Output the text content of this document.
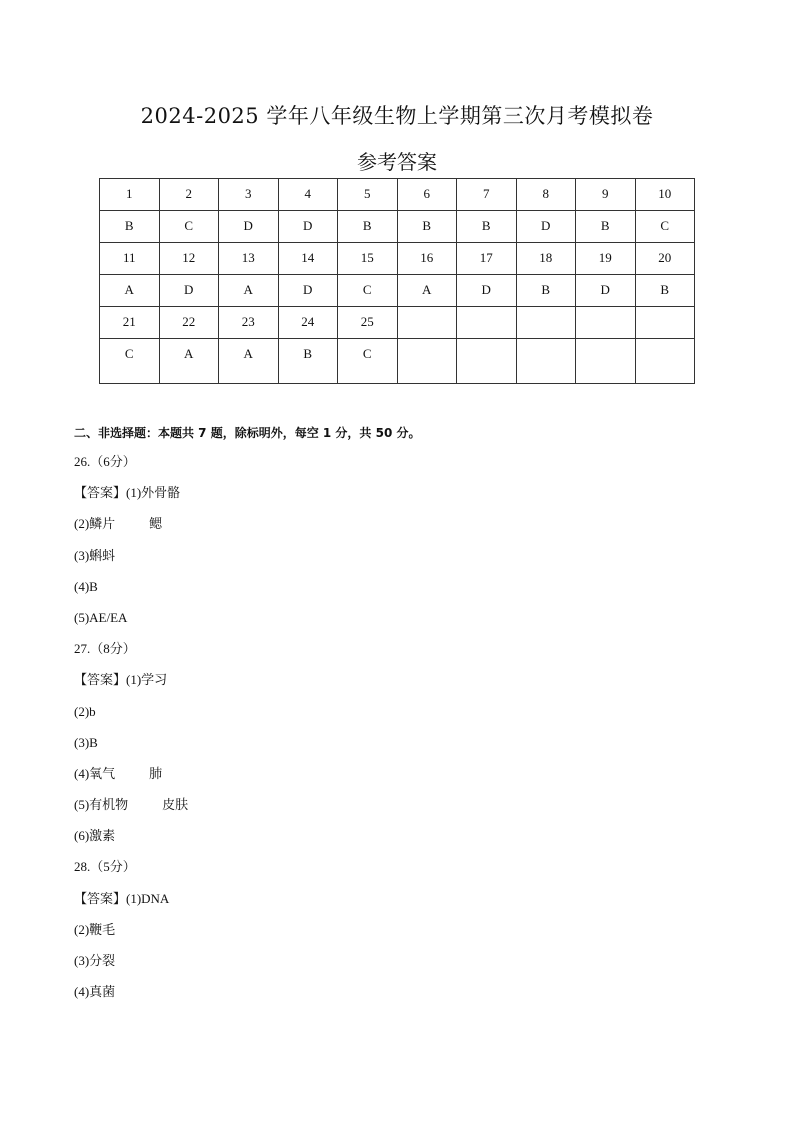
2024-2025 学年八年级生物上学期第三次月考模拟卷
参考答案
1	2	3	4	5	6	7	8	9	10
B	C	D	D	B	B	B	D	B	C
11	12	13	14	15	16	17	18	19	20
A	D	A	D	C	A	D	B	D	B
21	22	23	24	25					
C	A	A	B	C					
二、非选择题：本题共 7 题，除标明外，每空 1 分，共 50 分。
26.（6分）
【答案】(1)外骨骼
(2)鳞片	鳃
(3)蝌蚪
(4)B
(5)AE/EA
27.（8分）
【答案】(1)学习
(2)b
(3)B
(4)氧气	肺
(5)有机物	皮肤
(6)激素
28.（5分）
【答案】(1)DNA
(2)鞭毛
(3)分裂
(4)真菌
